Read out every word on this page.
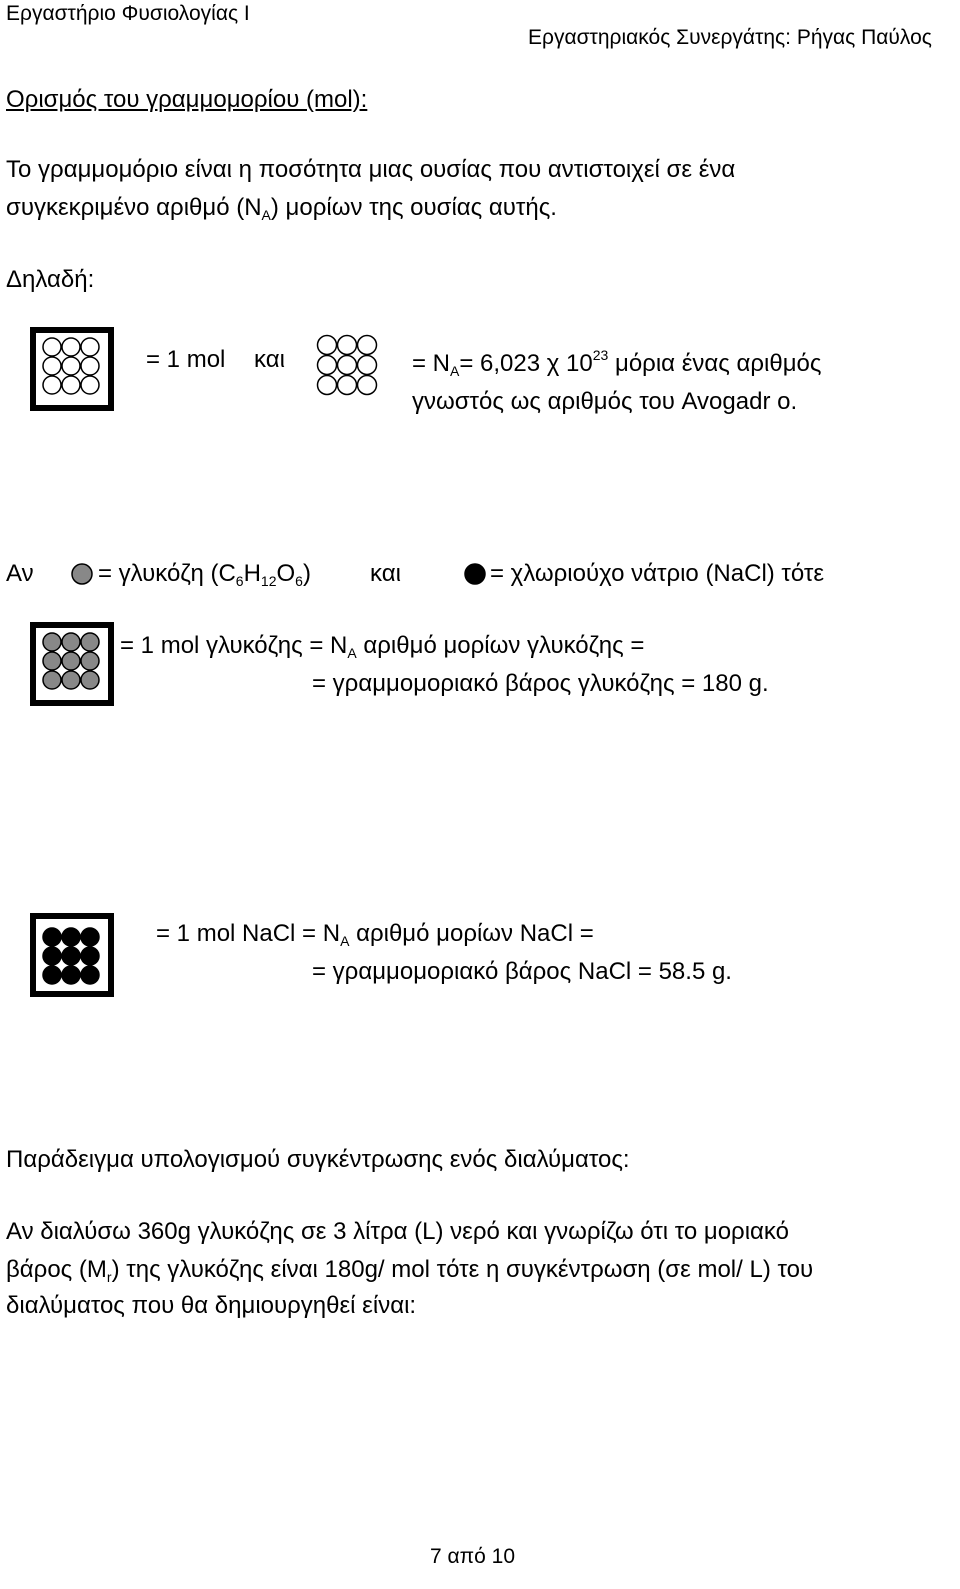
Εργαστήριο Φυσιολογίας Ι
Εργαστηριακός Συνεργάτης: Ρήγας Παύλος
Ορισμός του γραμμομορίου (mol):
Το γραμμομόριο είναι η ποσότητα μιας ουσίας που αντιστοιχεί σε ένα
συγκεκριμένο αριθμό $(N_A)$ μορίων της ουσίας αυτής.
Δηλαδή:
= 1 mol και	= $N_A= 6,023$ χ $10^{23}$ μόρια ένας αριθμός
γνωστός ως αριθμός του Avogadr o.
Αν	= γλυκόζη $(C_6H_{12}O_6)$ και	= χλωριούχο νάτριο (NaCl) τότε
= 1 mol $\gamma\lambda\upsilon\kappa ό\zeta\eta\varsigma = N_A$ αριθμό μορίων γλυκόζης =
= γραμμομοριακό βάρος γλυκόζης = 180 g.
= 1 mol NaCl = $N_A$ αριθμό μορίων NaCl =
= γραμμομοριακό βάρος NaCl = 58.5 g.
Παράδειγμα υπολογισμού συγκέντρωσης ενός διαλύματος:
Αν διαλύσω 360g γλυκόζης σε 3 λίτρα (L) νερό και γνωρίζω ότι το μοριακό
βάρος $(M_r)$ της γλυκόζης είναι 180g/ mol τότε η συγκέντρωση (σε mol/ L) του
διαλύματος που θα δημιουργηθεί είναι:
7 από 10
